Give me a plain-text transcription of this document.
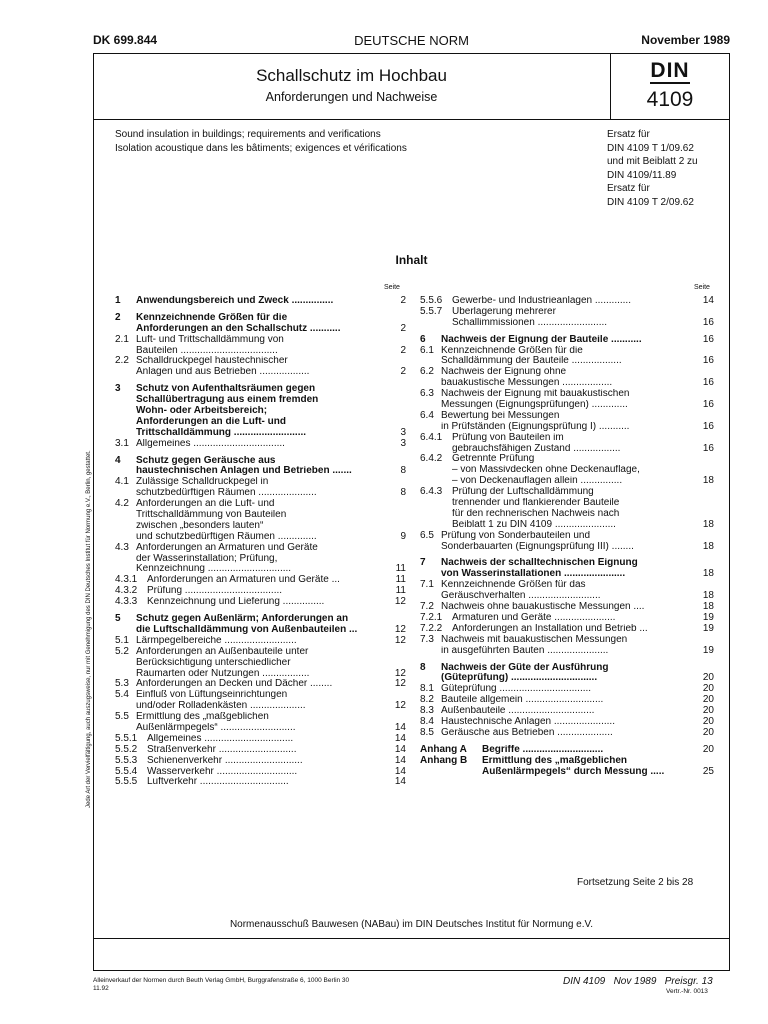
DK 699.844	DEUTSCHE NORM	November 1989
Schallschutz im Hochbau
Anforderungen und Nachweise
DIN
4109
Sound insulation in buildings; requirements and verifications
Isolation acoustique dans les bâtiments; exigences et vérifications
Ersatz für
DIN 4109 T 1/09.62
und mit Beiblatt 2 zu
DIN 4109/11.89
Ersatz für
DIN 4109 T 2/09.62
Inhalt
Seite	Seite
1 Anwendungsbereich und Zweck ...............	2
2 Kennzeichnende Größen für die
Anforderungen an den Schallschutz ...........	2
2.1 Luft- und Trittschalldämmung von
Bauteilen ...................................	2
2.2 Schalldruckpegel haustechnischer
Anlagen und aus Betrieben ..................	2
3 Schutz von Aufenthaltsräumen gegen
Schallübertragung aus einem fremden
Wohn- oder Arbeitsbereich;
Anforderungen an die Luft- und
Trittschalldämmung ..........................	3
3.1 Allgemeines .................................	3
4 Schutz gegen Geräusche aus
haustechnischen Anlagen und Betrieben .......	8
4.1 Zulässige Schalldruckpegel in
schutzbedürftigen Räumen .....................	8
4.2 Anforderungen an die Luft- und
Trittschalldämmung von Bauteilen
zwischen „besonders lauten“
und schutzbedürftigen Räumen ..............	9
4.3 Anforderungen an Armaturen und Geräte
der Wasserinstallation; Prüfung,
Kennzeichnung ..............................	11
4.3.1 Anforderungen an Armaturen und Geräte ...	11
4.3.2 Prüfung ...................................	11
4.3.3 Kennzeichnung und Lieferung ...............	12
5 Schutz gegen Außenlärm; Anforderungen an
die Luftschalldämmung von Außenbauteilen ...	12
5.1 Lärmpegelbereiche ..........................	12
5.2 Anforderungen an Außenbauteile unter
Berücksichtigung unterschiedlicher
Raumarten oder Nutzungen .................	12
5.3 Anforderungen an Decken und Dächer ........	12
5.4 Einfluß von Lüftungseinrichtungen
und/oder Rolladenkästen ....................	12
5.5 Ermittlung des „maßgeblichen
Außenlärmpegels“ ...........................	14
5.5.1 Allgemeines ................................	14
5.5.2 Straßenverkehr ............................	14
5.5.3 Schienenverkehr ............................	14
5.5.4 Wasserverkehr .............................	14
5.5.5 Luftverkehr ................................	14
5.5.6 Gewerbe- und Industrieanlagen .............	14
5.5.7 Überlagerung mehrerer
Schallimmissionen .........................	16
6 Nachweis der Eignung der Bauteile ...........	16
6.1 Kennzeichnende Größen für die
Schalldämmung der Bauteile ..................	16
6.2 Nachweis der Eignung ohne
bauakustische Messungen ..................	16
6.3 Nachweis der Eignung mit bauakustischen
Messungen (Eignungsprüfungen) .............	16
6.4 Bewertung bei Messungen
in Prüfständen (Eignungsprüfung I) ...........	16
6.4.1 Prüfung von Bauteilen im
gebrauchsfähigen Zustand .................	16
6.4.2 Getrennte Prüfung
– von Massivdecken ohne Deckenauflage,
– von Deckenauflagen allein ...............	18
6.4.3 Prüfung der Luftschalldämmung
trennender und flankierender Bauteile
für den rechnerischen Nachweis nach
Beiblatt 1 zu DIN 4109 ......................	18
6.5 Prüfung von Sonderbauteilen und
Sonderbauarten (Eignungsprüfung III) ........	18
7 Nachweis der schalltechnischen Eignung
von Wasserinstallationen ......................	18
7.1 Kennzeichnende Größen für das
Geräuschverhalten ..........................	18
7.2 Nachweis ohne bauakustische Messungen ....	18
7.2.1 Armaturen und Geräte ......................	19
7.2.2 Anforderungen an Installation und Betrieb ...	19
7.3 Nachweis mit bauakustischen Messungen
in ausgeführten Bauten ......................	19
8 Nachweis der Güte der Ausführung
(Güteprüfung) ...............................	20
8.1 Güteprüfung .................................	20
8.2 Bauteile allgemein ............................	20
8.3 Außenbauteile ...............................	20
8.4 Haustechnische Anlagen ......................	20
8.5 Geräusche aus Betrieben ....................	20
Anhang A Begriffe .............................	20
Anhang B Ermittlung des „maßgeblichen
Außenlärmpegels“ durch Messung .....	25
Fortsetzung Seite 2 bis 28
Normenausschuß Bauwesen (NABau) im DIN Deutsches Institut für Normung e.V.
Alleinverkauf der Normen durch Beuth Verlag GmbH, Burggrafenstraße 6, 1000 Berlin 30
11.92
DIN 4109   Nov 1989   Preisgr. 13
Vertr.-Nr. 0013
Jede Art der Vervielfältigung, auch auszugsweise, nur mit Genehmigung des DIN Deutsches Institut für Normung e.V., Berlin, gestattet.
